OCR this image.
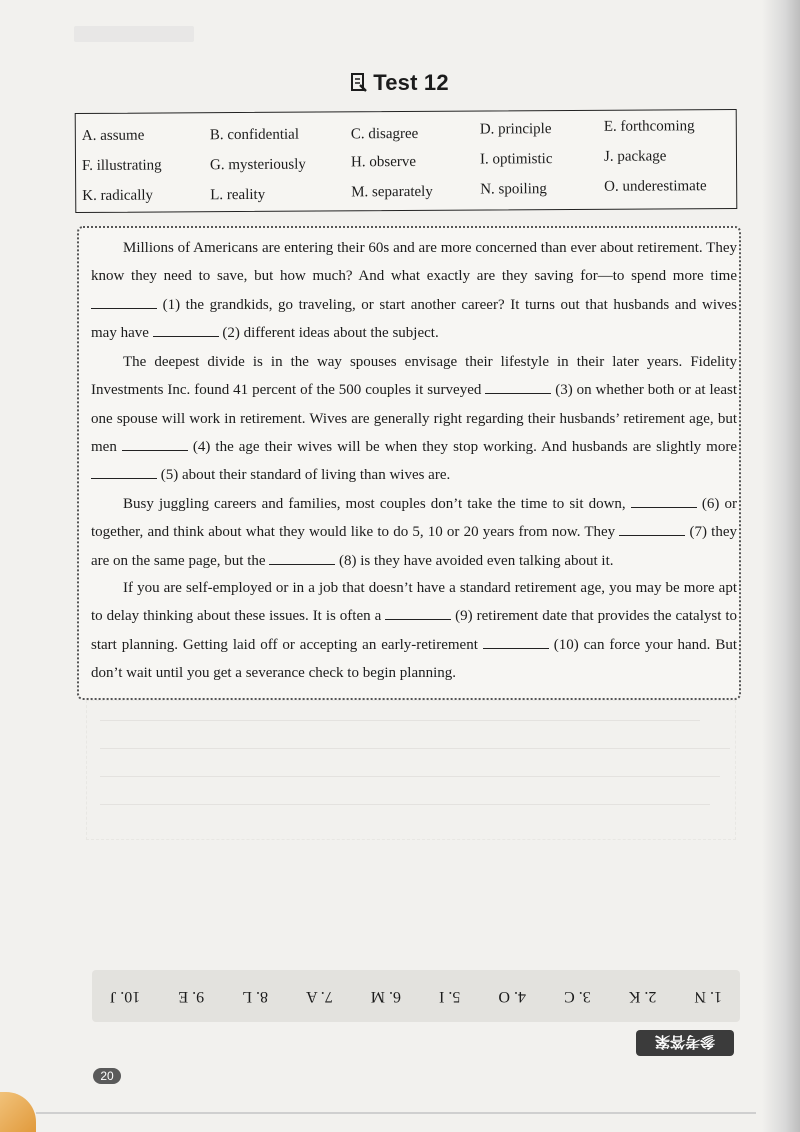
Test 12
A. assume	B. confidential	C. disagree	D. principle	E. forthcoming
F. illustrating	G. mysteriously	H. observe	I. optimistic	J. package
K. radically	L. reality	M. separately	N. spoiling	O. underestimate

Millions of Americans are entering their 60s and are more concerned than ever about retirement. They know they need to save, but how much? And what exactly are they saving for—to spend more time  (1) the grandkids, go traveling, or start another career? It turns out that husbands and wives may have	(2) different ideas about the subject.

The deepest divide is in the way spouses envisage their lifestyle in their later years. Fidelity Investments Inc. found 41 percent of the 500 couples it surveyed	(3) on whether both or at least one spouse will work in retirement. Wives are generally right regarding their husbands’ retirement age, but men	(4) the age their wives will be when they stop working. And husbands are slightly more  (5) about their standard of living than wives are.

Busy juggling careers and families, most couples don’t take the time to sit down,	(6) or together, and think about what they would like to do 5, 10 or 20 years from now. They	(7) they are on the same page, but the	(8) is they have avoided even talking about it.

If you are self-employed or in a job that doesn’t have a standard retirement age, you may be more apt to delay thinking about these issues. It is often a	(9) retirement date that provides the catalyst to start planning. Getting laid off or accepting an early-retirement	(10) can force your hand. But don’t wait until you get a severance check to begin planning.

1. N
2. K
3. C
4. O
5. I
6. M
7. A
8. L
9. E
10. J
参考答案
20
